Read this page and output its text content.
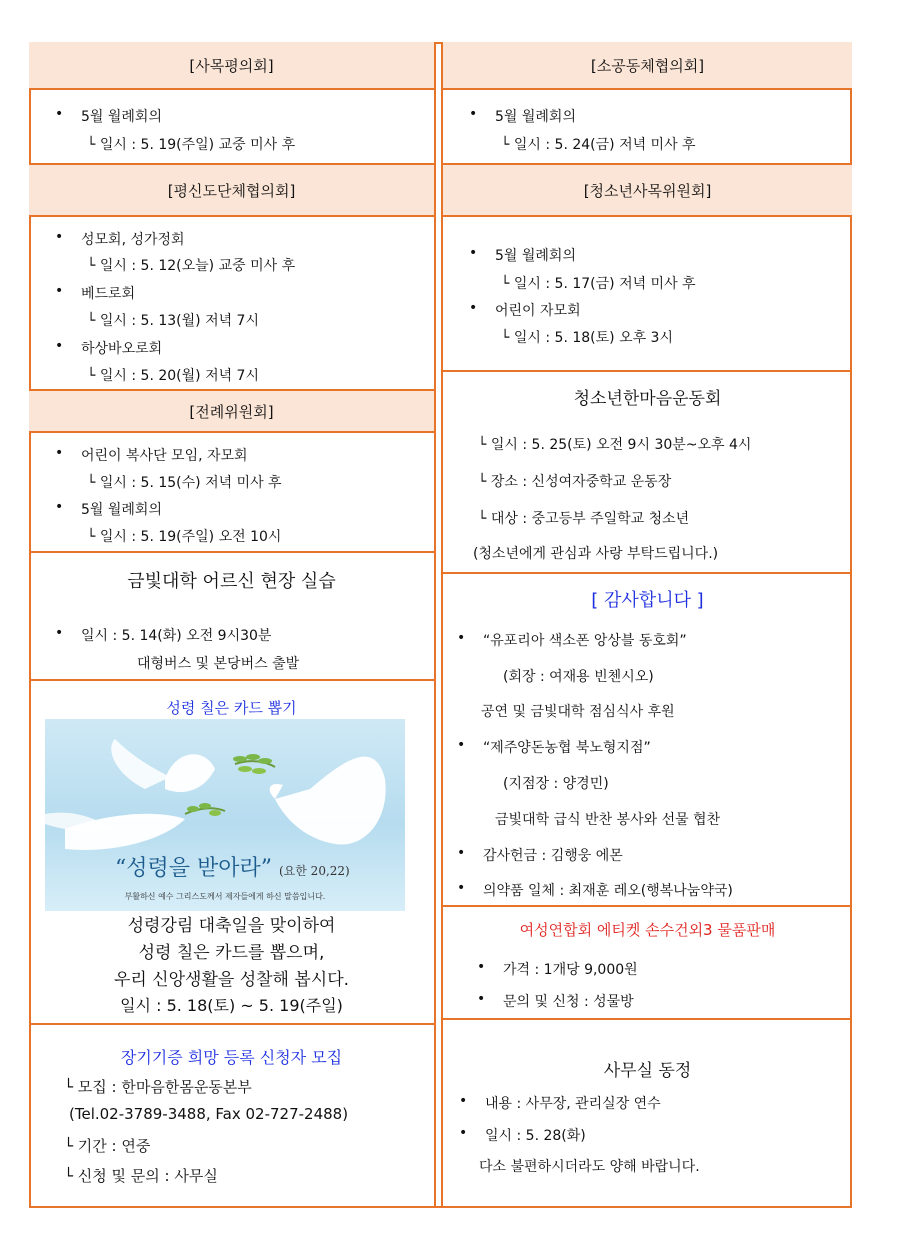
[사목평의회]
• 5월 월례회의
└ 일시 : 5. 19(주일) 교중 미사 후
[평신도단체협의회]
• 성모회, 성가정회
└ 일시 : 5. 12(오늘) 교중 미사 후
• 베드로회
└ 일시 : 5. 13(월) 저녁 7시
• 하상바오로회
└ 일시 : 5. 20(월) 저녁 7시
[전례위원회]
• 어린이 복사단 모임, 자모회
└ 일시 : 5. 15(수) 저녁 미사 후
• 5월 월례회의
└ 일시 : 5. 19(주일) 오전 10시
금빛대학 어르신 현장 실습
• 일시 : 5. 14(화) 오전 9시30분
대형버스 및 본당버스 출발
성령 칠은 카드 뽑기
“성령을 받아라” (요한 20,22)
부활하신 예수 그리스도께서 제자들에게 하신 말씀입니다.
성령강림 대축일을 맞이하여
성령 칠은 카드를 뽑으며,
우리 신앙생활을 성찰해 봅시다.
일시 : 5. 18(토) ~ 5. 19(주일)
장기기증 희망 등록 신청자 모집
└ 모집 : 한마음한몸운동본부
(Tel.02-3789-3488, Fax 02-727-2488)
└ 기간 : 연중
└ 신청 및 문의 : 사무실
[소공동체협의회]
• 5월 월례회의
└ 일시 : 5. 24(금) 저녁 미사 후
[청소년사목위원회]
• 5월 월례회의
└ 일시 : 5. 17(금) 저녁 미사 후
• 어린이 자모회
└ 일시 : 5. 18(토) 오후 3시
청소년한마음운동회
└ 일시 : 5. 25(토) 오전 9시 30분~오후 4시
└ 장소 : 신성여자중학교 운동장
└ 대상 : 중고등부 주일학교 청소년
(청소년에게 관심과 사랑 부탁드립니다.)
[ 감사합니다 ]
• “유포리아 색소폰 앙상블 동호회”
(회장 : 여재용 빈첸시오)
공연 및 금빛대학 점심식사 후원
• “제주양돈농협 북노형지점”
(지점장 : 양경민)
금빛대학 급식 반찬 봉사와 선물 협찬
• 감사헌금 : 김행웅 에몬
• 의약품 일체 : 최재훈 레오(행복나눔약국)
여성연합회 에티켓 손수건외3 물품판매
• 가격 : 1개당 9,000원
• 문의 및 신청 : 성물방
사무실 동정
• 내용 : 사무장, 관리실장 연수
• 일시 : 5. 28(화)
다소 불편하시더라도 양해 바랍니다.
